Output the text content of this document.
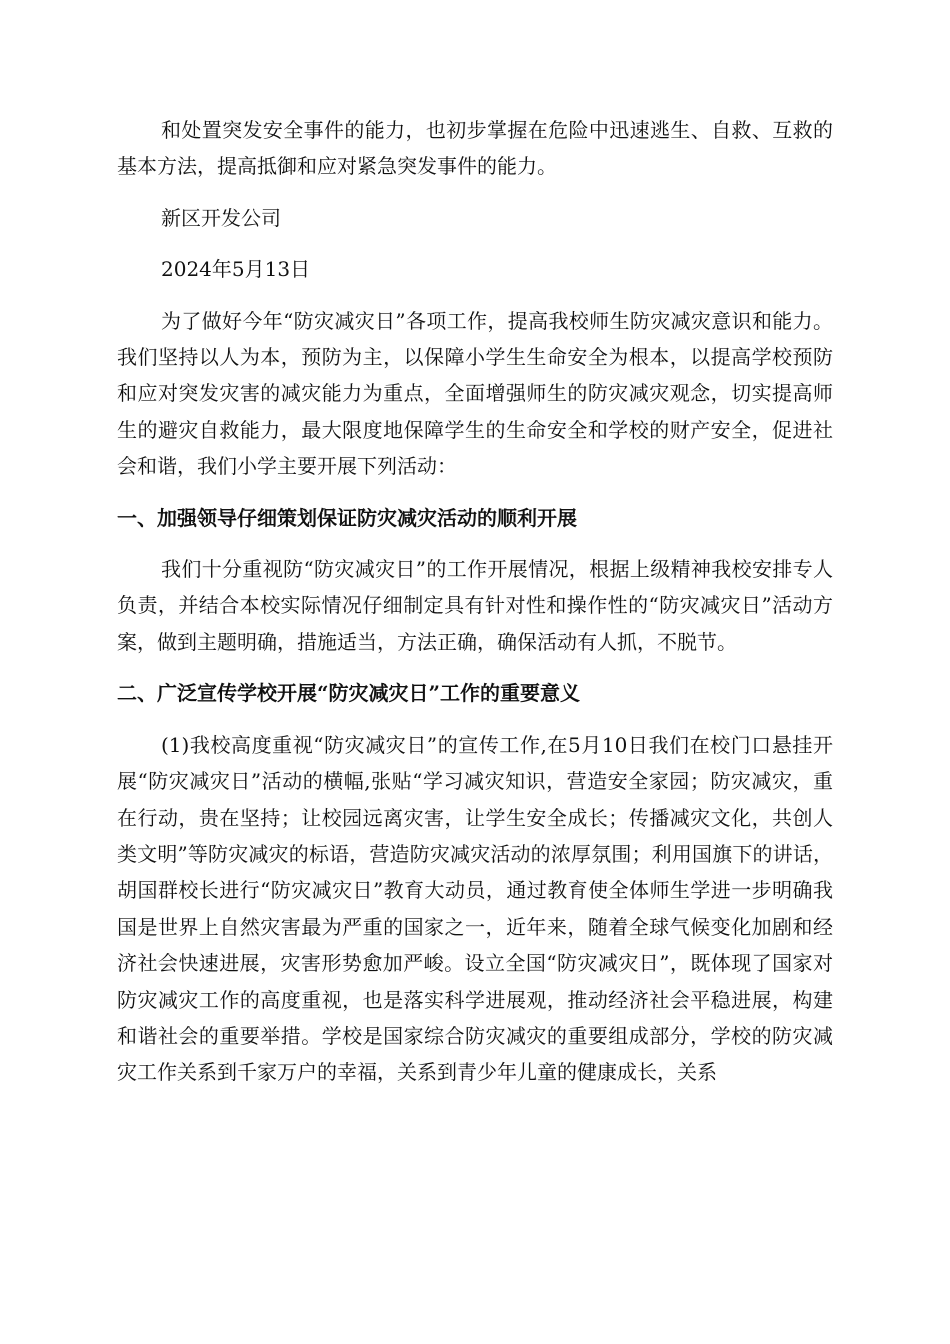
和处置突发安全事件的能力，也初步掌握在危险中迅速逃生、自救、互救的基本方法，提高抵御和应对紧急突发事件的能力。

新区开发公司

2024年5月13日

为了做好今年“防灾减灾日”各项工作，提高我校师生防灾减灾意识和能力。我们坚持以人为本，预防为主，以保障小学生生命安全为根本，以提高学校预防和应对突发灾害的减灾能力为重点，全面增强师生的防灾减灾观念，切实提高师生的避灾自救能力，最大限度地保障学生的生命安全和学校的财产安全，促进社会和谐，我们小学主要开展下列活动：

一、加强领导仔细策划保证防灾减灾活动的顺利开展

我们十分重视防“防灾减灾日”的工作开展情况，根据上级精神我校安排专人负责，并结合本校实际情况仔细制定具有针对性和操作性的“防灾减灾日”活动方案，做到主题明确，措施适当，方法正确，确保活动有人抓，不脱节。

二、广泛宣传学校开展“防灾减灾日”工作的重要意义

(1)我校高度重视“防灾减灾日”的宣传工作,在5月10日我们在校门口悬挂开展“防灾减灾日”活动的横幅,张贴“学习减灾知识，营造安全家园；防灾减灾，重在行动，贵在坚持；让校园远离灾害，让学生安全成长；传播减灾文化，共创人类文明”等防灾减灾的标语，营造防灾减灾活动的浓厚氛围；利用国旗下的讲话，胡国群校长进行“防灾减灾日”教育大动员，通过教育使全体师生学进一步明确我国是世界上自然灾害最为严重的国家之一，近年来，随着全球气候变化加剧和经济社会快速进展，灾害形势愈加严峻。设立全国“防灾减灾日”，既体现了国家对防灾减灾工作的高度重视，也是落实科学进展观，推动经济社会平稳进展，构建和谐社会的重要举措。学校是国家综合防灾减灾的重要组成部分，学校的防灾减灾工作关系到千家万户的幸福，关系到青少年儿童的健康成长，关系
